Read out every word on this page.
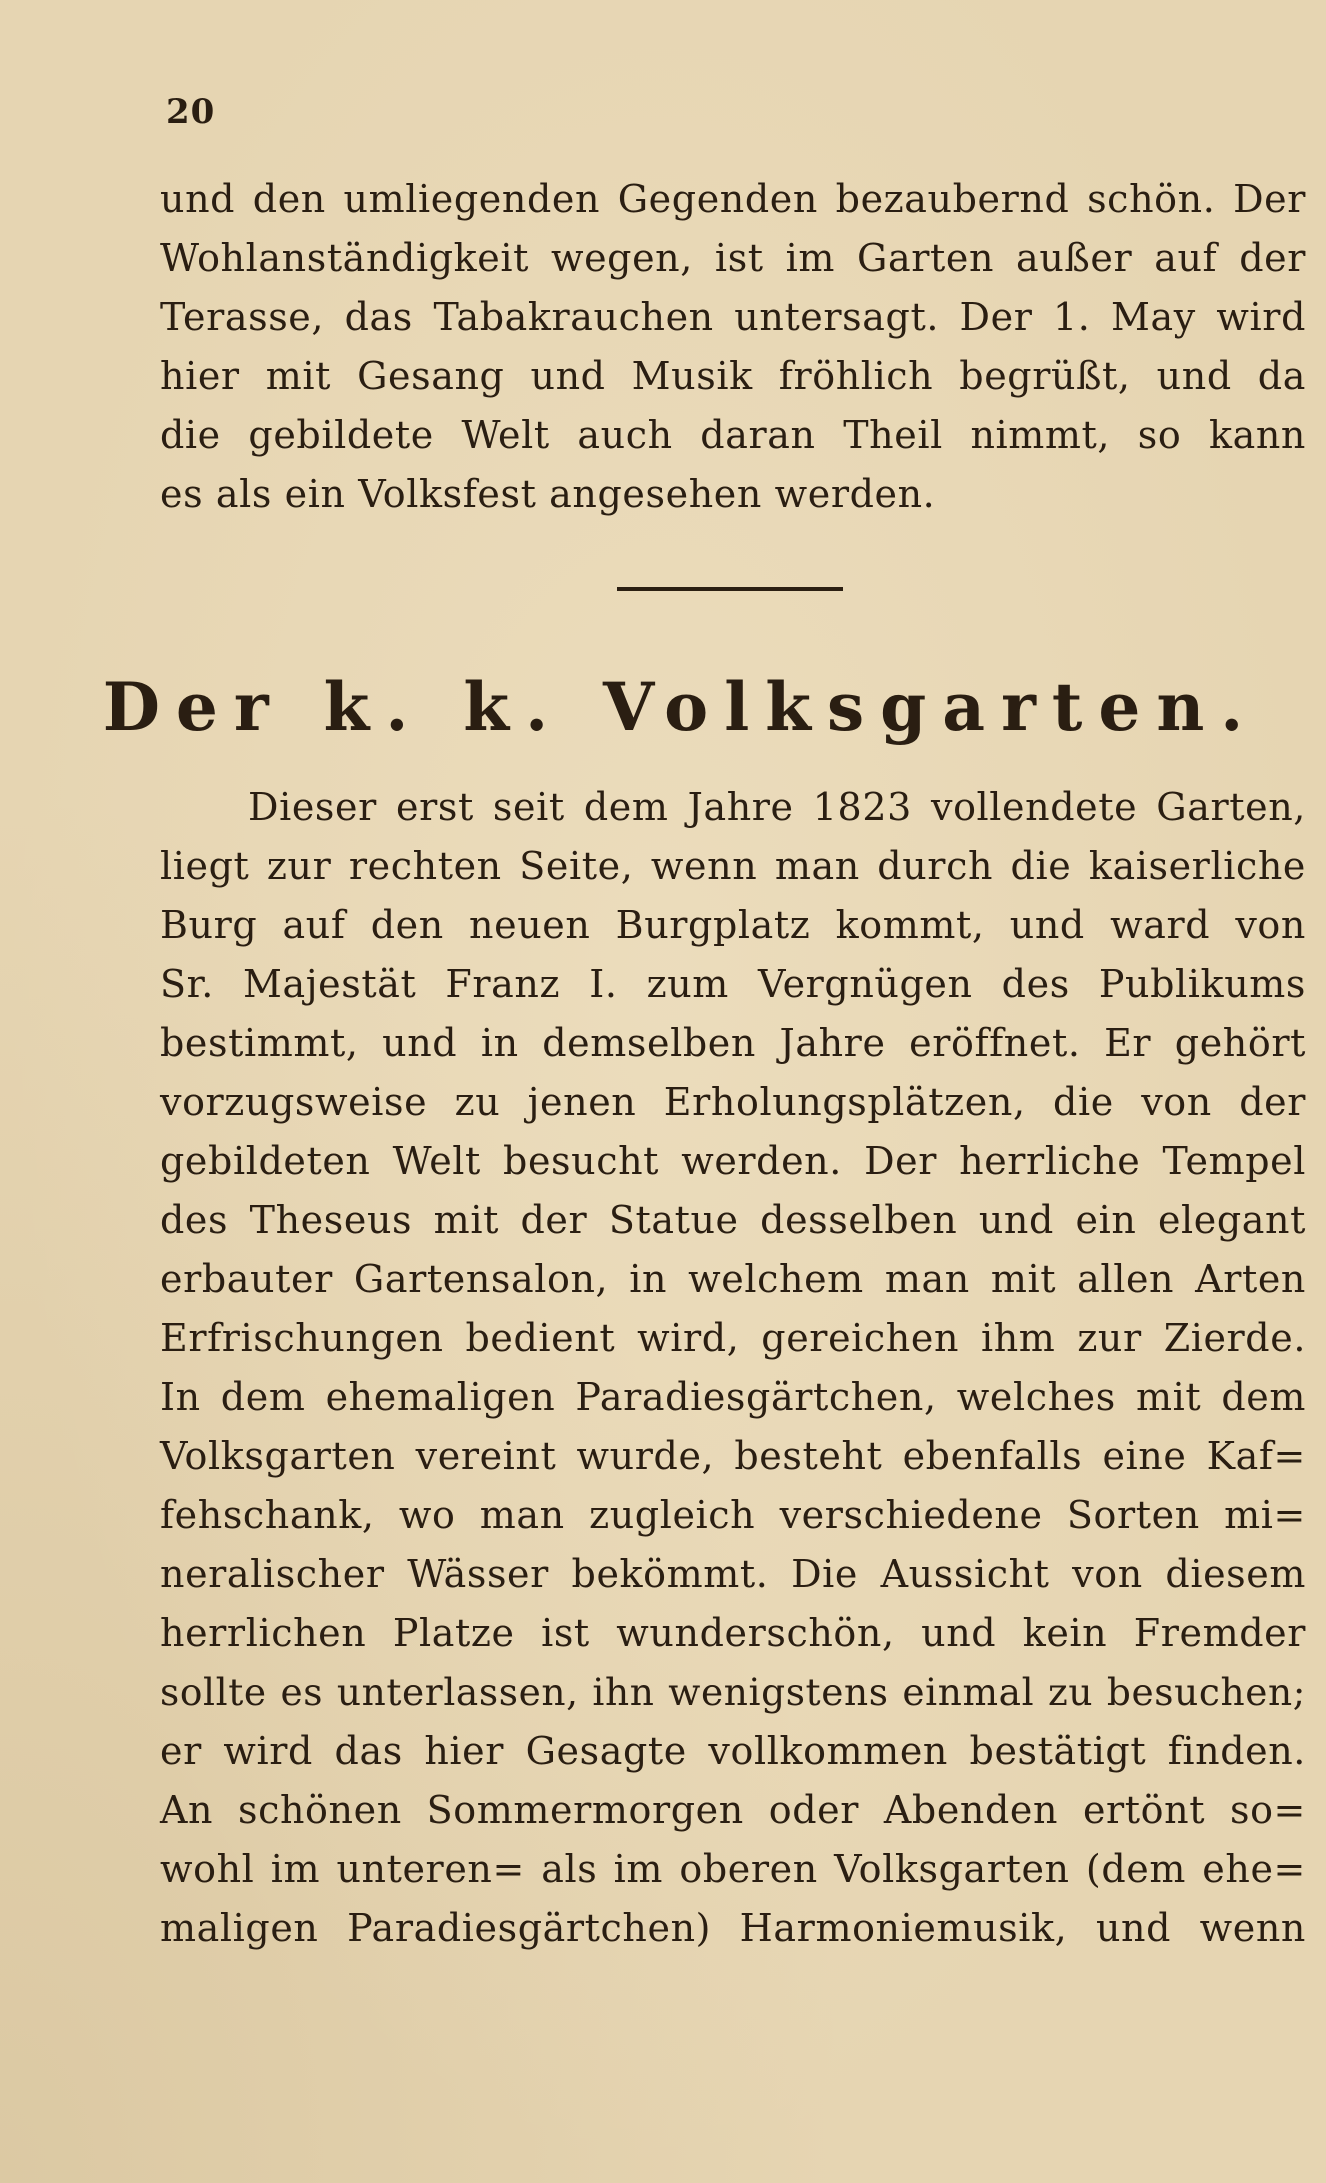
20
und den umliegenden Gegenden bezaubernd schön. Der
Wohlanständigkeit wegen, ist im Garten außer auf der
Terasse, das Tabakrauchen untersagt. Der 1. May wird
hier mit Gesang und Musik fröhlich begrüßt, und da
die gebildete Welt auch daran Theil nimmt, so kann
es als ein Volksfest angesehen werden.
Der k. k. Volksgarten.
Dieser erst seit dem Jahre 1823 vollendete Garten,
liegt zur rechten Seite, wenn man durch die kaiserliche
Burg auf den neuen Burgplatz kommt, und ward von
Sr. Majestät Franz I. zum Vergnügen des Publikums
bestimmt, und in demselben Jahre eröffnet. Er gehört
vorzugsweise zu jenen Erholungsplätzen, die von der
gebildeten Welt besucht werden. Der herrliche Tempel
des Theseus mit der Statue desselben und ein elegant
erbauter Gartensalon, in welchem man mit allen Arten
Erfrischungen bedient wird, gereichen ihm zur Zierde.
In dem ehemaligen Paradiesgärtchen, welches mit dem
Volksgarten vereint wurde, besteht ebenfalls eine Kaf=
fehschank, wo man zugleich verschiedene Sorten mi=
neralischer Wässer bekömmt. Die Aussicht von diesem
herrlichen Platze ist wunderschön, und kein Fremder
sollte es unterlassen, ihn wenigstens einmal zu besuchen;
er wird das hier Gesagte vollkommen bestätigt finden.
An schönen Sommermorgen oder Abenden ertönt so=
wohl im unteren= als im oberen Volksgarten (dem ehe=
maligen Paradiesgärtchen) Harmoniemusik, und wenn
